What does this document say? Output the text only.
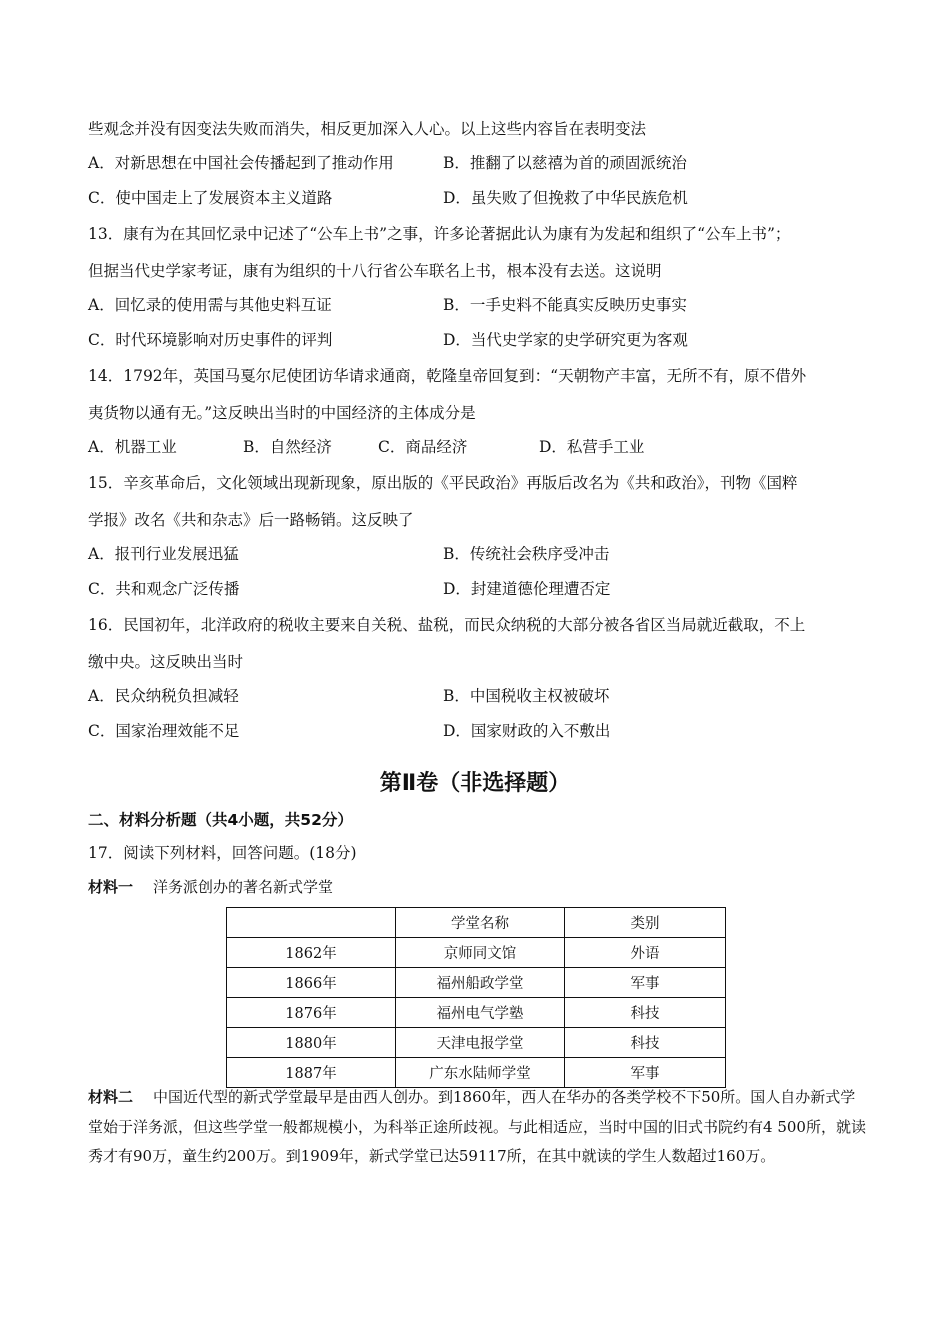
些观念并没有因变法失败而消失，相反更加深入人心。以上这些内容旨在表明变法
A．对新思想在中国社会传播起到了推动作用	B．推翻了以慈禧为首的顽固派统治
C．使中国走上了发展资本主义道路	D．虽失败了但挽救了中华民族危机
13．康有为在其回忆录中记述了“公车上书”之事，许多论著据此认为康有为发起和组织了“公车上书”；
但据当代史学家考证，康有为组织的十八行省公车联名上书，根本没有去送。这说明
A．回忆录的使用需与其他史料互证	B．一手史料不能真实反映历史事实
C．时代环境影响对历史事件的评判	D．当代史学家的史学研究更为客观
14．1792年，英国马戛尔尼使团访华请求通商，乾隆皇帝回复到：“天朝物产丰富，无所不有，原不借外
夷货物以通有无。”这反映出当时的中国经济的主体成分是
A．机器工业	B．自然经济	C．商品经济	D．私营手工业
15．辛亥革命后，文化领域出现新现象，原出版的《平民政治》再版后改名为《共和政治》，刊物《国粹
学报》改名《共和杂志》后一路畅销。这反映了
A．报刊行业发展迅猛	B．传统社会秩序受冲击
C．共和观念广泛传播	D．封建道德伦理遭否定
16．民国初年，北洋政府的税收主要来自关税、盐税，而民众纳税的大部分被各省区当局就近截取，不上
缴中央。这反映出当时
A．民众纳税负担减轻	B．中国税收主权被破坏
C．国家治理效能不足	D．国家财政的入不敷出
第Ⅱ卷（非选择题）
二、材料分析题（共4小题，共52分）
17．阅读下列材料，回答问题。(18分)
材料一 洋务派创办的著名新式学堂
	学堂名称	类别
1862年	京师同文馆	外语
1866年	福州船政学堂	军事
1876年	福州电气学塾	科技
1880年	天津电报学堂	科技
1887年	广东水陆师学堂	军事
材料二 中国近代型的新式学堂最早是由西人创办。到1860年，西人在华办的各类学校不下50所。国人自办新式学堂始于洋务派，但这些学堂一般都规模小，为科举正途所歧视。与此相适应，当时中国的旧式书院约有4 500所，就读秀才有90万，童生约200万。到1909年，新式学堂已达59117所，在其中就读的学生人数超过160万。
